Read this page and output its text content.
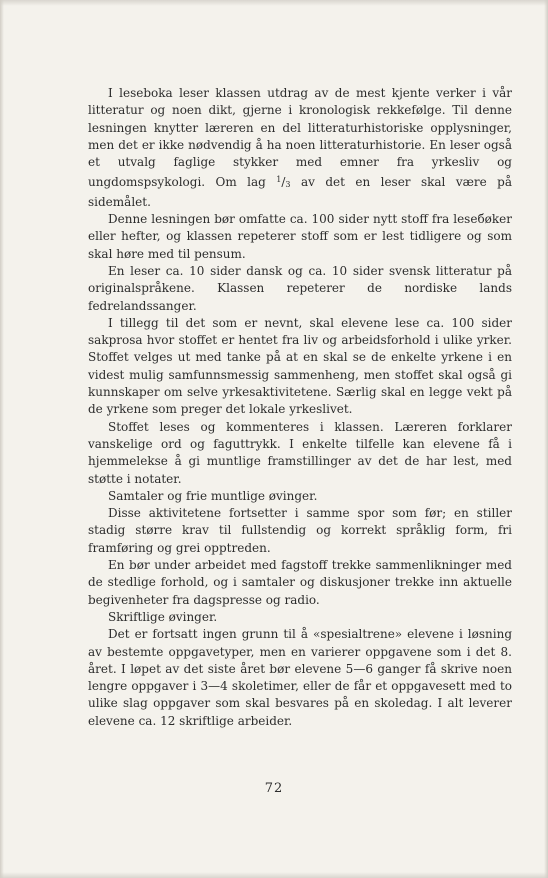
I leseboka leser klassen utdrag av de mest kjente verker i vår litteratur og noen dikt, gjerne i kronologisk rekkefølge. Til denne lesningen knytter læreren en del litteraturhistoriske opplysninger, men det er ikke nødvendig å ha noen litteraturhistorie. En leser også et utvalg faglige stykker med emner fra yrkesliv og ungdomspsykologi. Om lag $^1/_3$ av det en leser skal være på sidemålet.

Denne lesningen bør omfatte ca. 100 sider nytt stoff fra leseбøker eller hefter, og klassen repeterer stoff som er lest tidligere og som skal høre med til pensum.

En leser ca. 10 sider dansk og ca. 10 sider svensk litteratur på originalspråkene. Klassen repeterer de nordiske lands fedrelandssanger.

I tillegg til det som er nevnt, skal elevene lese ca. 100 sider sakprosa hvor stoffet er hentet fra liv og arbeidsforhold i ulike yrker. Stoffet velges ut med tanke på at en skal se de enkelte yrkene i en videst mulig samfunnsmessig sammenheng, men stoffet skal også gi kunnskaper om selve yrkesaktivitetene. Særlig skal en legge vekt på de yrkene som preger det lokale yrkeslivet.

Stoffet leses og kommenteres i klassen. Læreren forklarer vanskelige ord og faguttrykk. I enkelte tilfelle kan elevene få i hjemmelekse å gi muntlige framstillinger av det de har lest, med støtte i notater.

Samtaler og frie muntlige øvinger.

Disse aktivitetene fortsetter i samme spor som før; en stiller stadig større krav til fullstendig og korrekt språklig form, fri framføring og grei opptreden.

En bør under arbeidet med fagstoff trekke sammenlikninger med de stedlige forhold, og i samtaler og diskusjoner trekke inn aktuelle begivenheter fra dagspresse og radio.

Skriftlige øvinger.

Det er fortsatt ingen grunn til å «spesialtrene» elevene i løsning av bestemte oppgavetyper, men en varierer oppgavene som i det 8. året. I løpet av det siste året bør elevene 5—6 ganger få skrive noen lengre oppgaver i 3—4 skoletimer, eller de får et oppgavesett med to ulike slag oppgaver som skal besvares på en skoledag. I alt leverer elevene ca. 12 skriftlige arbeider.

72
